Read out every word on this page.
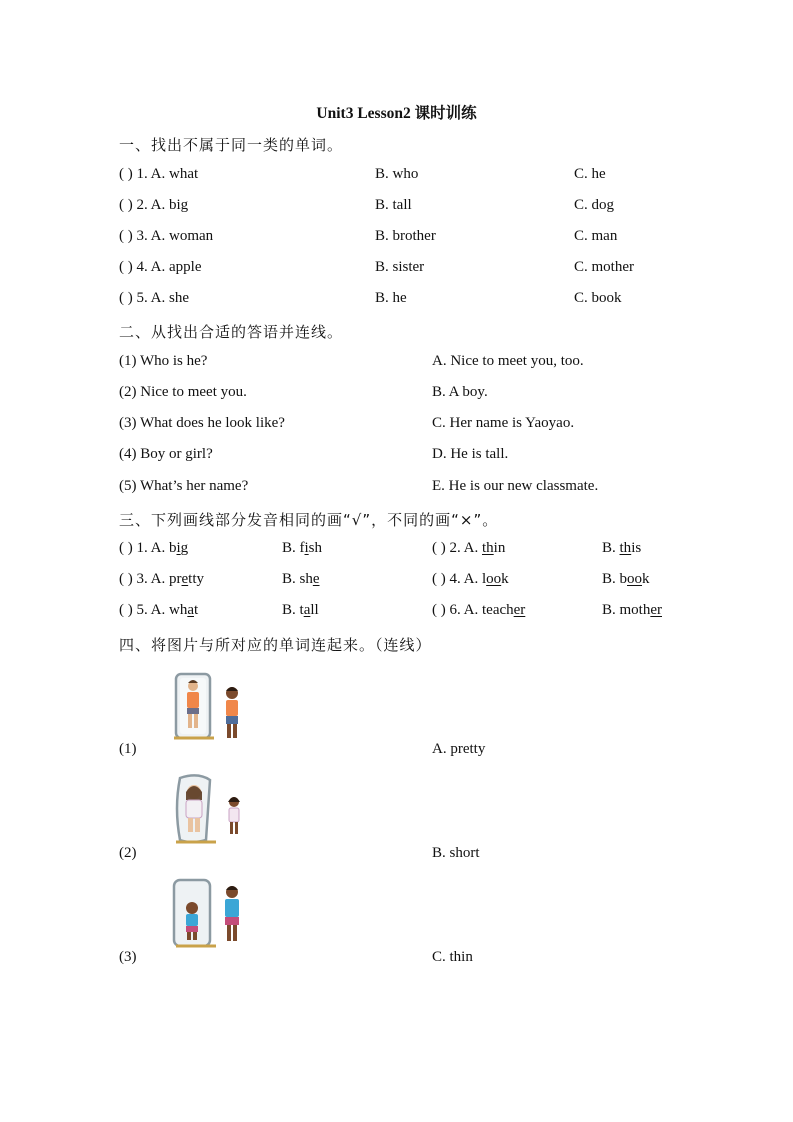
Unit3 Lesson2 课时训练
一、找出不属于同一类的单词。
( ) 1. A. what	B. who	C. he
( ) 2. A. big	B. tall	C. dog
( ) 3. A. woman	B. brother	C. man
( ) 4. A. apple	B. sister	C. mother
( ) 5. A. she	B. he	C. book
二、从找出合适的答语并连线。
(1) Who is he?	A. Nice to meet you, too.
(2) Nice to meet you.	B. A boy.
(3) What does he look like?	C. Her name is Yaoyao.
(4) Boy or girl?	D. He is tall.
(5) What’s her name?	E. He is our new classmate.
三、下列画线部分发音相同的画“√”，不同的画“×”。
( ) 1. A. big	B. fish	( ) 2. A. thin	B. this
( ) 3. A. pretty	B. she	( ) 4. A. look	B. book
( ) 5. A. what	B. tall	( ) 6. A. teacher	B. mother
四、将图片与所对应的单词连起来。（连线）
(1)	A. pretty
(2)	B. short
(3)	C. thin
